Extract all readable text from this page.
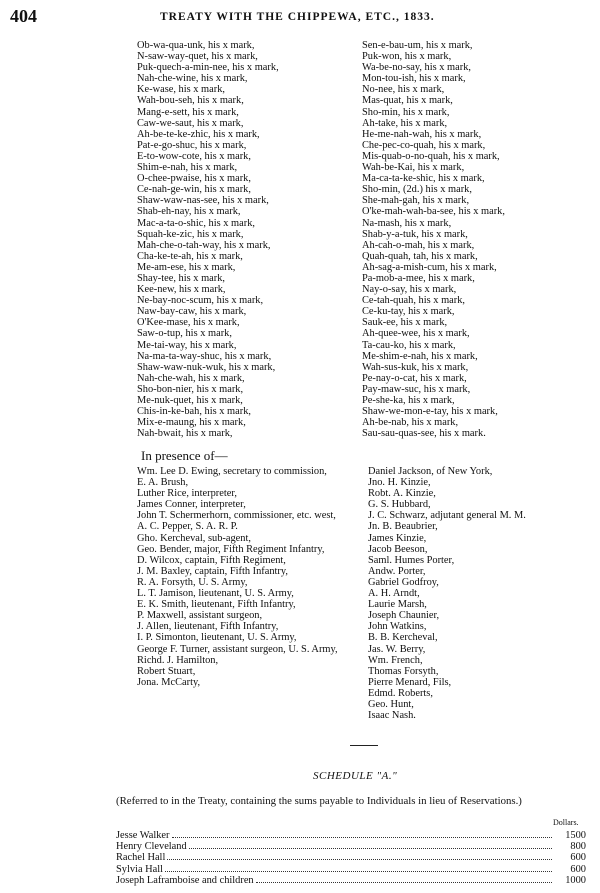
404	TREATY WITH THE CHIPPEWA, ETC., 1833.
Ob-wa-qua-unk, his x mark,
N-saw-way-quet, his x mark,
Puk-quech-a-min-nee, his x mark,
Nah-che-wine, his x mark,
Ke-wase, his x mark,
Wah-bou-seh, his x mark,
Mang-e-sett, his x mark,
Caw-we-saut, his x mark,
Ah-be-te-ke-zhic, his x mark,
Pat-e-go-shuc, his x mark,
E-to-wow-cote, his x mark,
Shim-e-nah, his x mark,
O-chee-pwaise, his x mark,
Ce-nah-ge-win, his x mark,
Shaw-waw-nas-see, his x mark,
Shab-eh-nay, his x mark,
Mac-a-ta-o-shic, his x mark,
Squah-ke-zic, his x mark,
Mah-che-o-tah-way, his x mark,
Cha-ke-te-ah, his x mark,
Me-am-ese, his x mark,
Shay-tee, his x mark,
Kee-new, his x mark,
Ne-bay-noc-scum, his x mark,
Naw-bay-caw, his x mark,
O'Kee-mase, his x mark,
Saw-o-tup, his x mark,
Me-tai-way, his x mark,
Na-ma-ta-way-shuc, his x mark,
Shaw-waw-nuk-wuk, his x mark,
Nah-che-wah, his x mark,
Sho-bon-nier, his x mark,
Me-nuk-quet, his x mark,
Chis-in-ke-bah, his x mark,
Mix-e-maung, his x mark,
Nah-bwait, his x mark,
Sen-e-bau-um, his x mark,
Puk-won, his x mark,
Wa-be-no-say, his x mark,
Mon-tou-ish, his x mark,
No-nee, his x mark,
Mas-quat, his x mark,
Sho-min, his x mark,
Ah-take, his x mark,
He-me-nah-wah, his x mark,
Che-pec-co-quah, his x mark,
Mis-quab-o-no-quah, his x mark,
Wah-be-Kai, his x mark,
Ma-ca-ta-ke-shic, his x mark,
Sho-min, (2d.) his x mark,
She-mah-gah, his x mark,
O'ke-mah-wah-ba-see, his x mark,
Na-mash, his x mark,
Shab-y-a-tuk, his x mark,
Ah-cah-o-mah, his x mark,
Quah-quah, tah, his x mark,
Ah-sag-a-mish-cum, his x mark,
Pa-mob-a-mee, his x mark,
Nay-o-say, his x mark,
Ce-tah-quah, his x mark,
Ce-ku-tay, his x mark,
Sauk-ee, his x mark,
Ah-quee-wee, his x mark,
Ta-cau-ko, his x mark,
Me-shim-e-nah, his x mark,
Wah-sus-kuk, his x mark,
Pe-nay-o-cat, his x mark,
Pay-maw-suc, his x mark,
Pe-she-ka, his x mark,
Shaw-we-mon-e-tay, his x mark,
Ah-be-nab, his x mark,
Sau-sau-quas-see, his x mark.
In presence of—
Wm. Lee D. Ewing, secretary to commission,
E. A. Brush,
Luther Rice, interpreter,
James Conner, interpreter,
John T. Schermerhorn, commissioner, etc. west,
A. C. Pepper, S. A. R. P.
Gho. Kercheval, sub-agent,
Geo. Bender, major, Fifth Regiment Infantry,
D. Wilcox, captain, Fifth Regiment,
J. M. Baxley, captain, Fifth Infantry,
R. A. Forsyth, U. S. Army,
L. T. Jamison, lieutenant, U. S. Army,
E. K. Smith, lieutenant, Fifth Infantry,
P. Maxwell, assistant surgeon,
J. Allen, lieutenant, Fifth Infantry,
I. P. Simonton, lieutenant, U. S. Army,
George F. Turner, assistant surgeon, U. S. Army,
Richd. J. Hamilton,
Robert Stuart,
Jona. McCarty,
Daniel Jackson, of New York,
Jno. H. Kinzie,
Robt. A. Kinzie,
G. S. Hubbard,
J. C. Schwarz, adjutant general M. M.
Jn. B. Beaubrier,
James Kinzie,
Jacob Beeson,
Saml. Humes Porter,
Andw. Porter,
Gabriel Godfroy,
A. H. Arndt,
Laurie Marsh,
Joseph Chaunier,
John Watkins,
B. B. Kercheval,
Jas. W. Berry,
Wm. French,
Thomas Forsyth,
Pierre Menard, Fils,
Edmd. Roberts,
Geo. Hunt,
Isaac Nash.
SCHEDULE "A."
(Referred to in the Treaty, containing the sums payable to Individuals in lieu of Reservations.)
Dollars.
Jesse Walker	1500
Henry Cleveland	800
Rachel Hall	600
Sylvia Hall	600
Joseph Laframboise and children	1000
